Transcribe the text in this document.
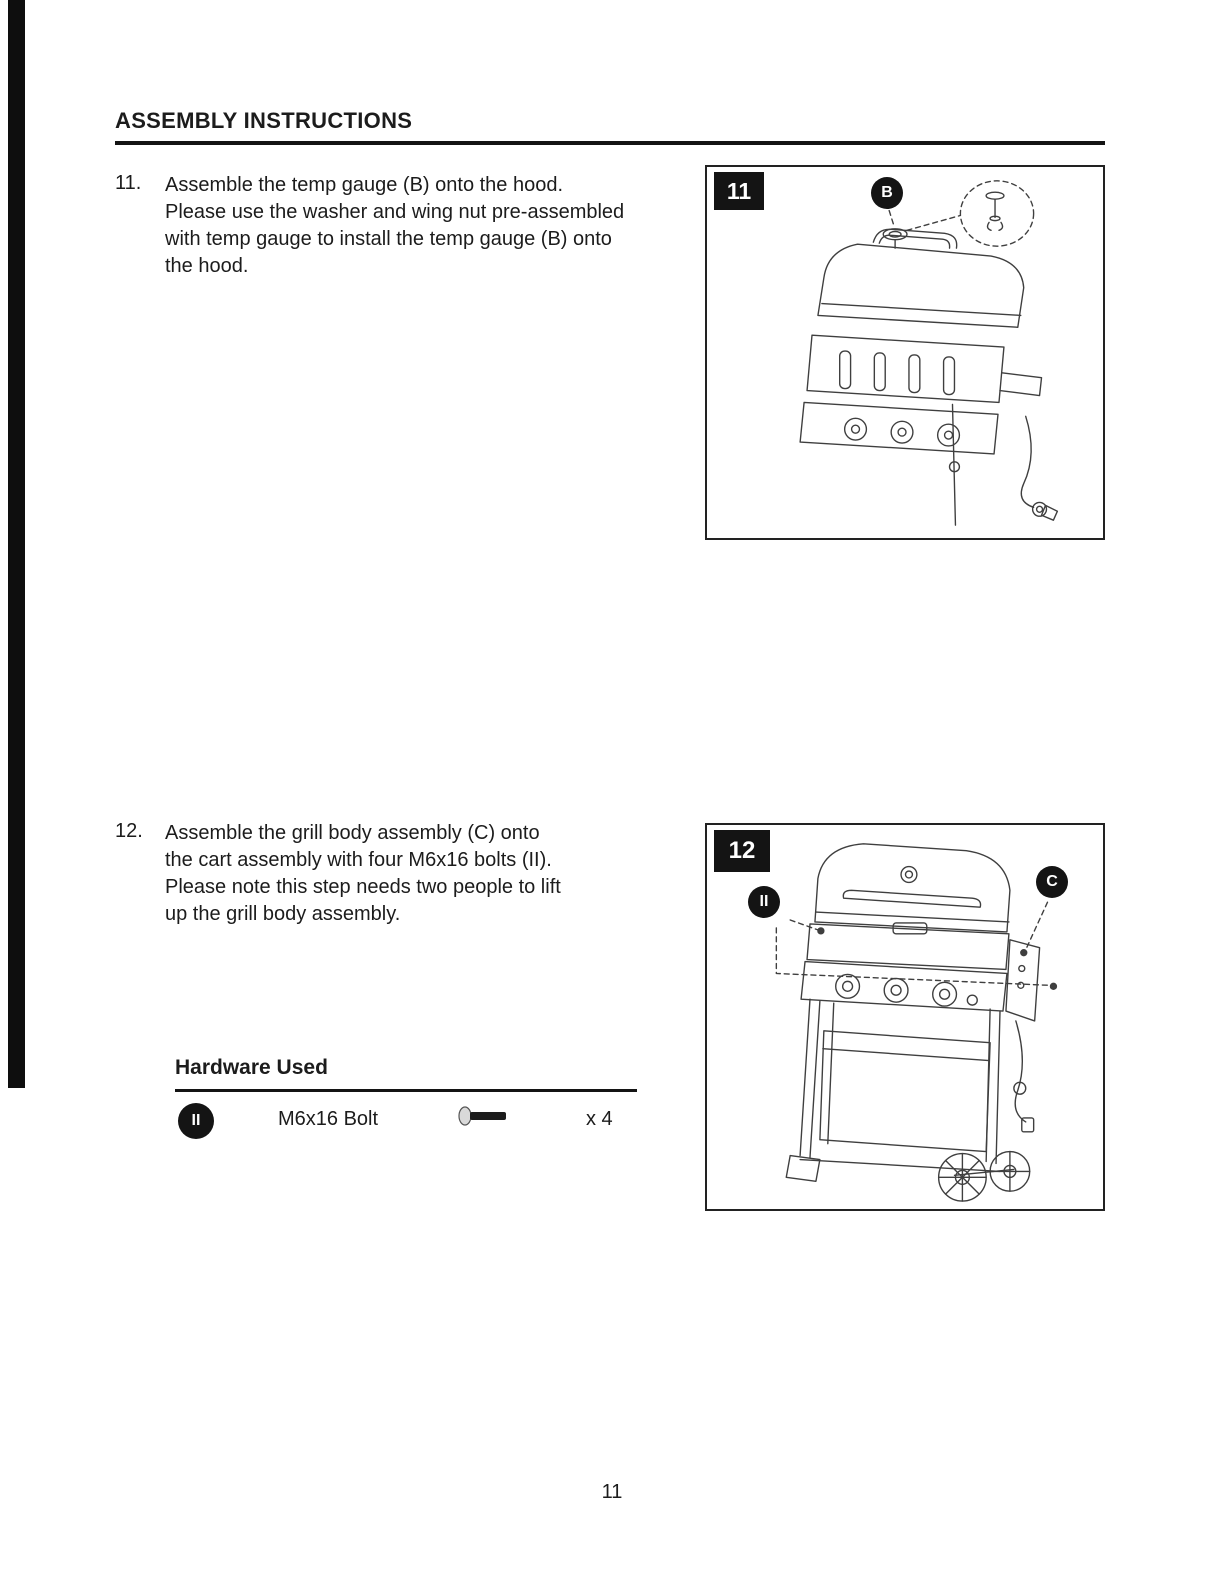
ASSEMBLY INSTRUCTIONS
11. Assemble the temp gauge (B) onto the hood.
Please use the washer and wing nut pre-assembled
with temp gauge to install the temp gauge (B) onto
the hood.
11	B
12. Assemble the grill body assembly (C) onto
the cart assembly with four M6x16 bolts (II).
Please note this step needs two people to lift
up the grill body assembly.
Hardware Used
II	M6x16 Bolt	x 4
12
II
C
11
